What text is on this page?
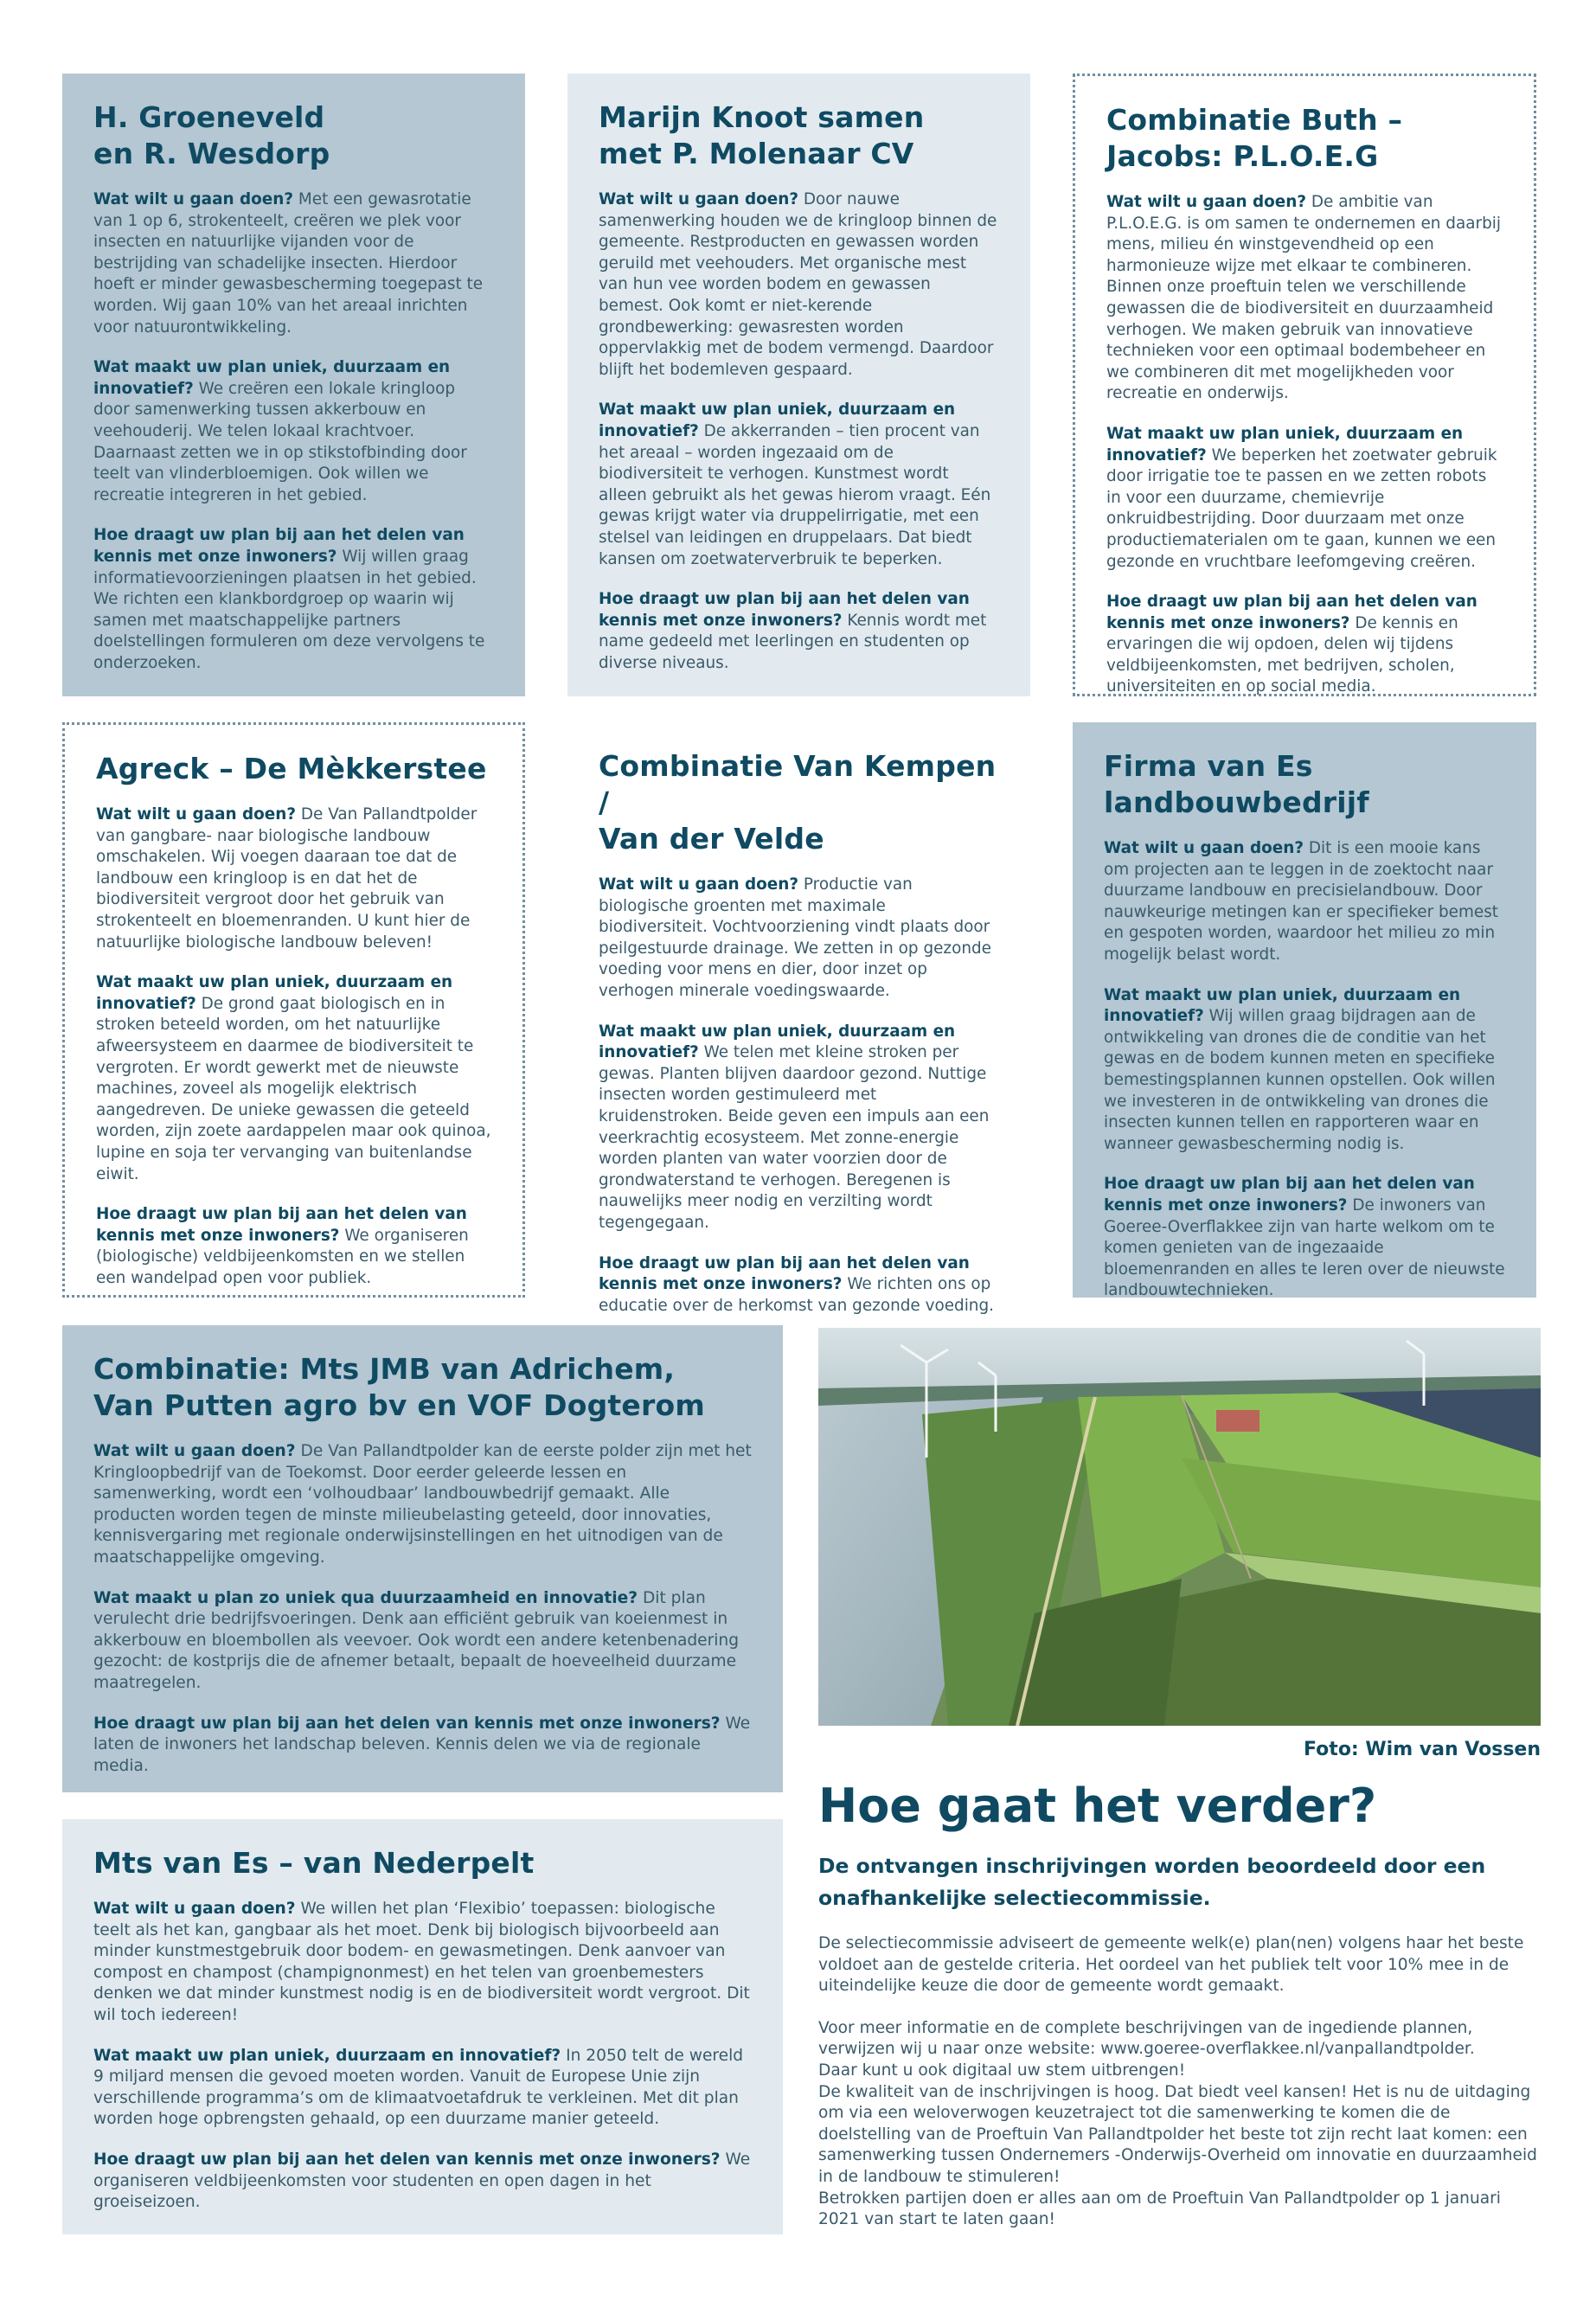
H. Groeneveld
en R. Wesdorp

Wat wilt u gaan doen? Met een gewasrotatie van 1 op 6, strokenteelt, creëren we plek voor insecten en natuurlijke vijanden voor de bestrijding van schadelijke insecten. Hierdoor hoeft er minder gewasbescherming toegepast te worden. Wij gaan 10% van het areaal inrichten voor natuurontwikkeling.

Wat maakt uw plan uniek, duurzaam en innovatief? We creëren een lokale kringloop door samenwerking tussen akkerbouw en veehouderij. We telen lokaal krachtvoer. Daarnaast zetten we in op stikstofbinding door teelt van vlinderbloemigen. Ook willen we recreatie integreren in het gebied.

Hoe draagt uw plan bij aan het delen van kennis met onze inwoners? Wij willen graag informatievoorzieningen plaatsen in het gebied. We richten een klankbordgroep op waarin wij samen met maatschappelijke partners doelstellingen formuleren om deze vervolgens te onderzoeken.

Marijn Knoot samen
met P. Molenaar CV

Wat wilt u gaan doen? Door nauwe samenwerking houden we de kringloop binnen de gemeente. Restproducten en gewassen worden geruild met veehouders. Met organische mest van hun vee worden bodem en gewassen bemest. Ook komt er niet-kerende grondbewerking: gewasresten worden oppervlakkig met de bodem vermengd. Daardoor blijft het bodemleven gespaard.

Wat maakt uw plan uniek, duurzaam en innovatief? De akkerranden – tien procent van het areaal – worden ingezaaid om de biodiversiteit te verhogen. Kunstmest wordt alleen gebruikt als het gewas hierom vraagt. Eén gewas krijgt water via druppelirrigatie, met een stelsel van leidingen en druppelaars. Dat biedt kansen om zoetwaterverbruik te beperken.

Hoe draagt uw plan bij aan het delen van kennis met onze inwoners? Kennis wordt met name gedeeld met leerlingen en studenten op diverse niveaus.

Combinatie Buth –
Jacobs: P.L.O.E.G

Wat wilt u gaan doen? De ambitie van P.L.O.E.G. is om samen te ondernemen en daarbij mens, milieu én winstgevendheid op een harmonieuze wijze met elkaar te combineren. Binnen onze proeftuin telen we verschillende gewassen die de biodiversiteit en duurzaamheid verhogen. We maken gebruik van innovatieve technieken voor een optimaal bodembeheer en we combineren dit met mogelijkheden voor recreatie en onderwijs.

Wat maakt uw plan uniek, duurzaam en innovatief? We beperken het zoetwater gebruik door irrigatie toe te passen en we zetten robots in voor een duurzame, chemievrije onkruidbestrijding. Door duurzaam met onze productiematerialen om te gaan, kunnen we een gezonde en vruchtbare leefomgeving creëren.

Hoe draagt uw plan bij aan het delen van kennis met onze inwoners? De kennis en ervaringen die wij opdoen, delen wij tijdens veldbijeenkomsten, met bedrijven, scholen, universiteiten en op social media.

Agreck – De Mèkkerstee

Wat wilt u gaan doen? De Van Pallandtpolder van gangbare- naar biologische landbouw omschakelen. Wij voegen daaraan toe dat de landbouw een kringloop is en dat het de biodiversiteit vergroot door het gebruik van strokenteelt en bloemenranden. U kunt hier de natuurlijke biologische landbouw beleven!

Wat maakt uw plan uniek, duurzaam en innovatief? De grond gaat biologisch en in stroken beteeld worden, om het natuurlijke afweersysteem en daarmee de biodiversiteit te vergroten. Er wordt gewerkt met de nieuwste machines, zoveel als mogelijk elektrisch aangedreven. De unieke gewassen die geteeld worden, zijn zoete aardappelen maar ook quinoa, lupine en soja ter vervanging van buitenlandse eiwit.

Hoe draagt uw plan bij aan het delen van kennis met onze inwoners? We organiseren (biologische) veldbijeenkomsten en we stellen een wandelpad open voor publiek.

Combinatie Van Kempen /
Van der Velde

Wat wilt u gaan doen? Productie van biologische groenten met maximale biodiversiteit. Vochtvoorziening vindt plaats door peilgestuurde drainage. We zetten in op gezonde voeding voor mens en dier, door inzet op verhogen minerale voedingswaarde.

Wat maakt uw plan uniek, duurzaam en innovatief? We telen met kleine stroken per gewas. Planten blijven daardoor gezond. Nuttige insecten worden gestimuleerd met kruidenstroken. Beide geven een impuls aan een veerkrachtig ecosysteem. Met zonne-energie worden planten van water voorzien door de grondwaterstand te verhogen. Beregenen is nauwelijks meer nodig en verzilting wordt tegengegaan.

Hoe draagt uw plan bij aan het delen van kennis met onze inwoners? We richten ons op educatie over de herkomst van gezonde voeding.

Firma van Es
landbouwbedrijf

Wat wilt u gaan doen? Dit is een mooie kans om projecten aan te leggen in de zoektocht naar duurzame landbouw en precisielandbouw. Door nauwkeurige metingen kan er specifieker bemest en gespoten worden, waardoor het milieu zo min mogelijk belast wordt.

Wat maakt uw plan uniek, duurzaam en innovatief? Wij willen graag bijdragen aan de ontwikkeling van drones die de conditie van het gewas en de bodem kunnen meten en specifieke bemestingsplannen kunnen opstellen. Ook willen we investeren in de ontwikkeling van drones die insecten kunnen tellen en rapporteren waar en wanneer gewasbescherming nodig is.

Hoe draagt uw plan bij aan het delen van kennis met onze inwoners? De inwoners van Goeree-Overflakkee zijn van harte welkom om te komen genieten van de ingezaaide bloemenranden en alles te leren over de nieuwste landbouwtechnieken.

Combinatie: Mts JMB van Adrichem,
Van Putten agro bv en VOF Dogterom

Wat wilt u gaan doen? De Van Pallandtpolder kan de eerste polder zijn met het Kringloopbedrijf van de Toekomst. Door eerder geleerde lessen en samenwerking, wordt een ‘volhoudbaar’ landbouwbedrijf gemaakt. Alle producten worden tegen de minste milieubelasting geteeld, door innovaties, kennisvergaring met regionale onderwijsinstellingen en het uitnodigen van de maatschappelijke omgeving.

Wat maakt u plan zo uniek qua duurzaamheid en innovatie? Dit plan verulecht drie bedrijfsvoeringen. Denk aan efficiënt gebruik van koeienmest in akkerbouw en bloembollen als veevoer. Ook wordt een andere ketenbenadering gezocht: de kostprijs die de afnemer betaalt, bepaalt de hoeveelheid duurzame maatregelen.

Hoe draagt uw plan bij aan het delen van kennis met onze inwoners? We laten de inwoners het landschap beleven. Kennis delen we via de regionale media.

Mts van Es – van Nederpelt

Wat wilt u gaan doen? We willen het plan ‘Flexibio’ toepassen: biologische teelt als het kan, gangbaar als het moet. Denk bij biologisch bijvoorbeeld aan minder kunstmestgebruik door bodem- en gewasmetingen. Denk aanvoer van compost en champost (champignonmest) en het telen van groenbemesters denken we dat minder kunstmest nodig is en de biodiversiteit wordt vergroot. Dit wil toch iedereen!

Wat maakt uw plan uniek, duurzaam en innovatief? In 2050 telt de wereld 9 miljard mensen die gevoed moeten worden. Vanuit de Europese Unie zijn verschillende programma’s om de klimaatvoetafdruk te verkleinen. Met dit plan worden hoge opbrengsten gehaald, op een duurzame manier geteeld.

Hoe draagt uw plan bij aan het delen van kennis met onze inwoners? We organiseren veldbijeenkomsten voor studenten en open dagen in het groeiseizoen.

Foto: Wim van Vossen
Hoe gaat het verder?

De ontvangen inschrijvingen worden beoordeeld door een onafhankelijke selectiecommissie.

De selectiecommissie adviseert de gemeente welk(e) plan(nen) volgens haar het beste voldoet aan de gestelde criteria. Het oordeel van het publiek telt voor 10% mee in de uiteindelijke keuze die door de gemeente wordt gemaakt.

Voor meer informatie en de complete beschrijvingen van de ingediende plannen, verwijzen wij u naar onze website: www.goeree-overflakkee.nl/vanpallandtpolder.
Daar kunt u ook digitaal uw stem uitbrengen!
De kwaliteit van de inschrijvingen is hoog. Dat biedt veel kansen! Het is nu de uitdaging om via een weloverwogen keuzetraject tot die samenwerking te komen die de doelstelling van de Proeftuin Van Pallandtpolder het beste tot zijn recht laat komen: een samenwerking tussen Ondernemers -Onderwijs-Overheid om innovatie en duurzaamheid in de landbouw te stimuleren!
Betrokken partijen doen er alles aan om de Proeftuin Van Pallandtpolder op 1 januari 2021 van start te laten gaan!
